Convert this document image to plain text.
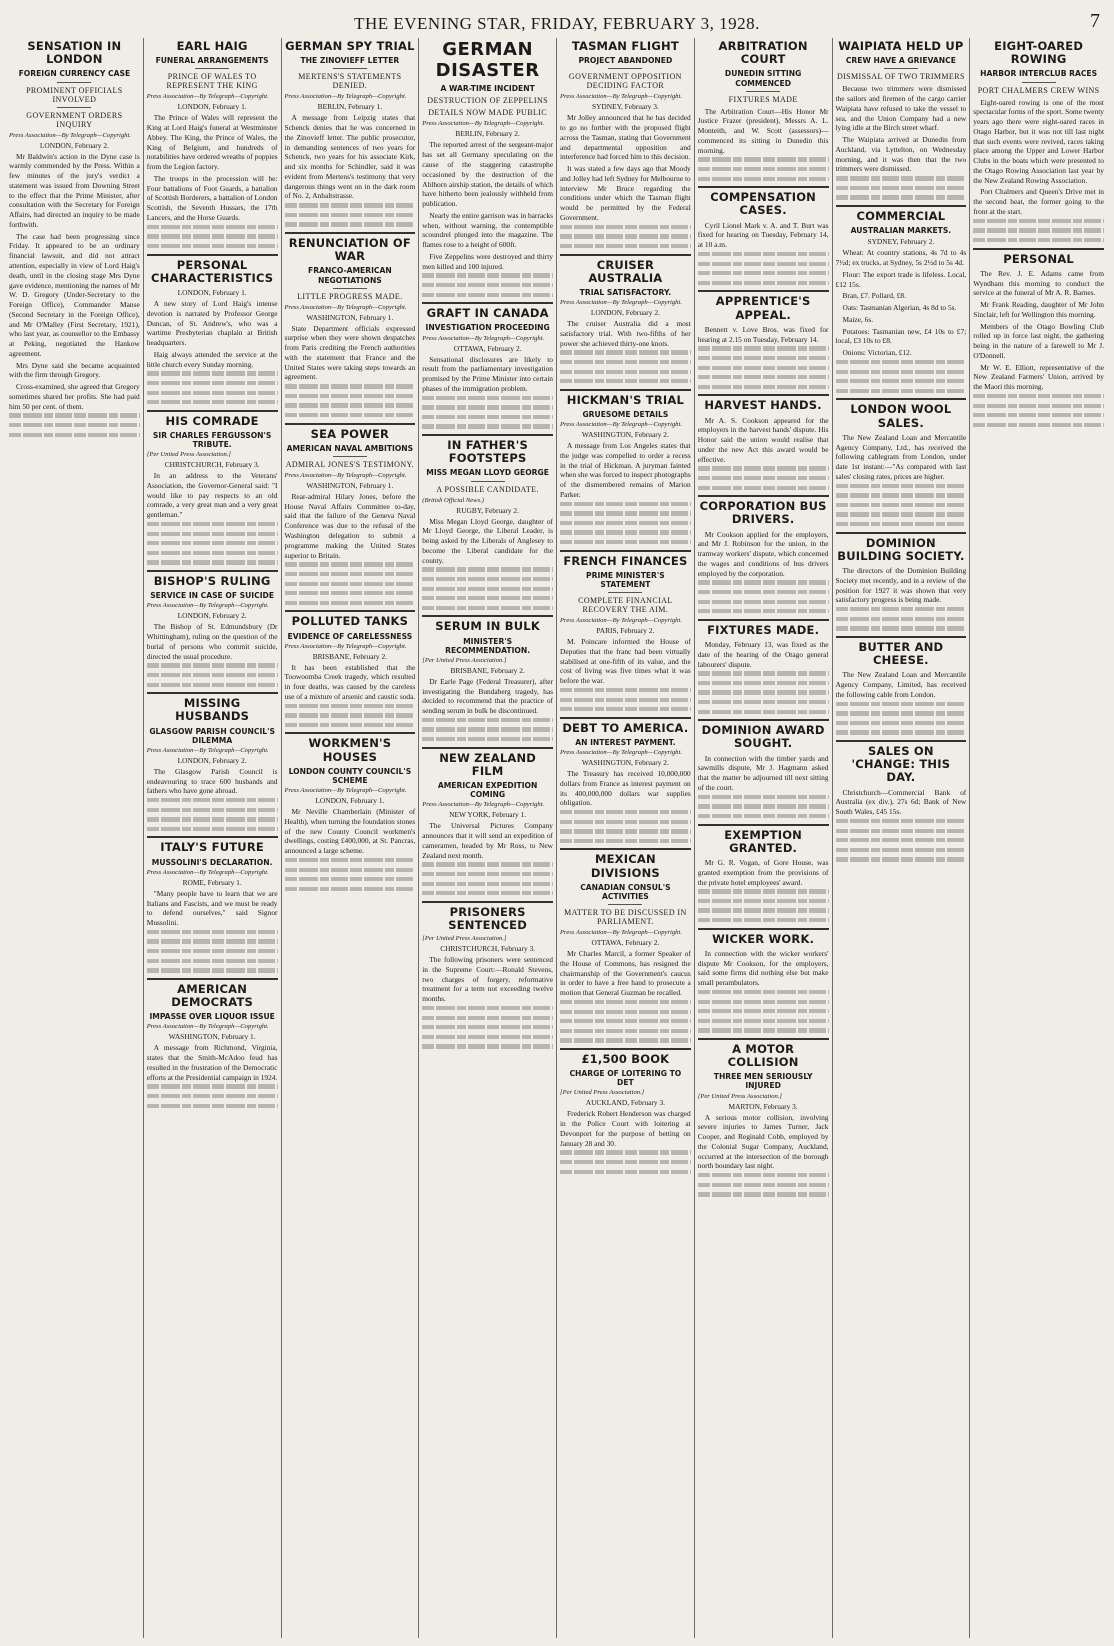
THE EVENING STAR, FRIDAY, FEBRUARY 3, 1928.	7
SENSATION IN LONDON
FOREIGN CURRENCY CASE
PROMINENT OFFICIALS INVOLVED
GOVERNMENT ORDERS INQUIRY
Press Association—By Telegraph—Copyright.
LONDON, February 2.

Mr Baldwin's action in the Dyne case is warmly commended by the Press. Within a few minutes of the jury's verdict a statement was issued from Downing Street to the effect that the Prime Minister, after consultation with the Secretary for Foreign Affairs, had directed an inquiry to be made forthwith.

The case had been progressing since Friday. It appeared to be an ordinary financial lawsuit, and did not attract attention, especially in view of Lord Haig's death, until in the closing stage Mrs Dyne gave evidence, mentioning the names of Mr W. D. Gregory (Under-Secretary to the Foreign Office), Commander Manse (Second Secretary in the Foreign Office), and Mr O'Malley (First Secretary, 1921), who last year, as counsellor to the Embassy at Peking, negotiated the Hankow agreement.

Mrs Dyne said she became acquainted with the firm through Gregory.

Cross-examined, she agreed that Gregory sometimes shared her profits. She had paid him 50 per cent. of them.

EARL HAIG
FUNERAL ARRANGEMENTS
PRINCE OF WALES TO REPRESENT THE KING
Press Association—By Telegraph—Copyright.
LONDON, February 1.

The Prince of Wales will represent the King at Lord Haig's funeral at Westminster Abbey. The King, the Prince of Wales, the King of Belgium, and hundreds of notabilities have ordered wreaths of poppies from the Legion factory.

The troops in the procession will be: Four battalions of Foot Guards, a battalion of Scottish Borderers, a battalion of London Scottish, the Seventh Hussars, the 17th Lancers, and the Horse Guards.

PERSONAL CHARACTERISTICS
LONDON, February 1.

A new story of Lord Haig's intense devotion is narrated by Professor George Duncan, of St. Andrew's, who was a wartime Presbyterian chaplain at British headquarters.

Haig always attended the service at the little church every Sunday morning.

HIS COMRADE
SIR CHARLES FERGUSSON'S TRIBUTE.
[Per United Press Association.]
CHRISTCHURCH, February 3.

In an address to the Veterans' Association, the Governor-General said: "I would like to pay respects to an old comrade, a very great man and a very great gentleman."

BISHOP'S RULING
SERVICE IN CASE OF SUICIDE
Press Association—By Telegraph—Copyright.
LONDON, February 2.

The Bishop of St. Edmundsbury (Dr Whittingham), ruling on the question of the burial of persons who commit suicide, directed the usual procedure.

MISSING HUSBANDS
GLASGOW PARISH COUNCIL'S DILEMMA
Press Association—By Telegraph—Copyright.
LONDON, February 2.

The Glasgow Parish Council is endeavouring to trace 600 husbands and fathers who have gone abroad.

ITALY'S FUTURE
MUSSOLINI'S DECLARATION.
Press Association—By Telegraph—Copyright.
ROME, February 1.

"Many people have to learn that we are Italians and Fascists, and we must be ready to defend ourselves," said Signor Mussolini.

AMERICAN DEMOCRATS
IMPASSE OVER LIQUOR ISSUE
Press Association—By Telegraph—Copyright.
WASHINGTON, February 1.

A message from Richmond, Virginia, states that the Smith-McAdoo feud has resulted in the frustration of the Democratic efforts at the Presidential campaign in 1924.

GERMAN SPY TRIAL
THE ZINOVIEFF LETTER
MERTENS'S STATEMENTS DENIED.
Press Association—By Telegraph—Copyright.
BERLIN, February 1.

A message from Leipzig states that Schenck denies that he was concerned in the Zinovieff letter. The public prosecutor, in demanding sentences of two years for Schenck, two years for his associate Kirk, and six months for Schindler, said it was evident from Mertens's testimony that very dangerous things went on in the dark room of No. 2, Anhaltstrasse.

RENUNCIATION OF WAR
FRANCO-AMERICAN NEGOTIATIONS
LITTLE PROGRESS MADE.
Press Association—By Telegraph—Copyright.
WASHINGTON, February 1.

State Department officials expressed surprise when they were shown despatches from Paris crediting the French authorities with the statement that France and the United States were taking steps towards an agreement.

SEA POWER
AMERICAN NAVAL AMBITIONS
ADMIRAL JONES'S TESTIMONY.
Press Association—By Telegraph—Copyright.
WASHINGTON, February 1.

Rear-admiral Hilary Jones, before the House Naval Affairs Committee to-day, said that the failure of the Geneva Naval Conference was due to the refusal of the Washington delegation to submit a programme making the United States superior to Britain.

POLLUTED TANKS
EVIDENCE OF CARELESSNESS
Press Association—By Telegraph—Copyright.
BRISBANE, February 2.

It has been established that the Toowoomba Creek tragedy, which resulted in four deaths, was caused by the careless use of a mixture of arsenic and caustic soda.

WORKMEN'S HOUSES
LONDON COUNTY COUNCIL'S SCHEME
Press Association—By Telegraph—Copyright.
LONDON, February 1.

Mr Neville Chamberlain (Minister of Health), when turning the foundation stones of the new County Council workmen's dwellings, costing £400,000, at St. Pancras, announced a large scheme.

GERMAN DISASTER
A WAR-TIME INCIDENT
DESTRUCTION OF ZEPPELINS
DETAILS NOW MADE PUBLIC
Press Association—By Telegraph—Copyright.
BERLIN, February 2.

The reported arrest of the sergeant-major has set all Germany speculating on the cause of the staggering catastrophe occasioned by the destruction of the Ahlhorn airship station, the details of which have hitherto been jealously withheld from publication.

Nearly the entire garrison was in barracks when, without warning, the contemptible scoundrel plunged into the magazine. The flames rose to a height of 600ft.

Five Zeppelins were destroyed and thirty men killed and 100 injured.

GRAFT IN CANADA
INVESTIGATION PROCEEDING
Press Association—By Telegraph—Copyright.
OTTAWA, February 2.

Sensational disclosures are likely to result from the parliamentary investigation promised by the Prime Minister into certain phases of the immigration problem.

IN FATHER'S FOOTSTEPS
MISS MEGAN LLOYD GEORGE
A POSSIBLE CANDIDATE.
(British Official News.)
RUGBY, February 2.

Miss Megan Lloyd George, daughter of Mr Lloyd George, the Liberal Leader, is being asked by the Liberals of Anglesey to become the Liberal candidate for the county.

SERUM IN BULK
MINISTER'S RECOMMENDATION.
[Per United Press Association.]
BRISBANE, February 2.

Dr Earle Page (Federal Treasurer), after investigating the Bundaberg tragedy, has decided to recommend that the practice of sending serum in bulk be discontinued.

NEW ZEALAND FILM
AMERICAN EXPEDITION COMING
Press Association—By Telegraph—Copyright.
NEW YORK, February 1.

The Universal Pictures Company announces that it will send an expedition of cameramen, headed by Mr Ross, to New Zealand next month.

PRISONERS SENTENCED
[Per United Press Association.]
CHRISTCHURCH, February 3.

The following prisoners were sentenced in the Supreme Court:—Ronald Stevens, two charges of forgery, reformative treatment for a term not exceeding twelve months.

TASMAN FLIGHT
PROJECT ABANDONED
GOVERNMENT OPPOSITION DECIDING FACTOR
Press Association—By Telegraph—Copyright.
SYDNEY, February 3.

Mr Jolley announced that he has decided to go no further with the proposed flight across the Tasman, stating that Government and departmental opposition and interference had forced him to this decision.

It was stated a few days ago that Moody and Jolley had left Sydney for Melbourne to interview Mr Bruce regarding the conditions under which the Tasman flight would be permitted by the Federal Government.

CRUISER AUSTRALIA
TRIAL SATISFACTORY.
Press Association—By Telegraph—Copyright.
LONDON, February 2.

The cruiser Australia did a most satisfactory trial. With two-fifths of her power she achieved thirty-one knots.

HICKMAN'S TRIAL
GRUESOME DETAILS
Press Association—By Telegraph—Copyright.
WASHINGTON, February 2.

A message from Los Angeles states that the judge was compelled to order a recess in the trial of Hickman. A juryman fainted when she was forced to inspect photographs of the dismembered remains of Marion Parker.

FRENCH FINANCES
PRIME MINISTER'S STATEMENT
COMPLETE FINANCIAL RECOVERY THE AIM.
Press Association—By Telegraph—Copyright.
PARIS, February 2.

M. Poincare informed the House of Deputies that the franc had been virtually stabilised at one-fifth of its value, and the cost of living was five times what it was before the war.

DEBT TO AMERICA.
AN INTEREST PAYMENT.
Press Association—By Telegraph—Copyright.
WASHINGTON, February 2.

The Treasury has received 10,000,000 dollars from France as interest payment on its 400,000,000 dollars war supplies obligation.

MEXICAN DIVISIONS
CANADIAN CONSUL'S ACTIVITIES
MATTER TO BE DISCUSSED IN PARLIAMENT.
Press Association—By Telegraph—Copyright.
OTTAWA, February 2.

Mr Charles Marcil, a former Speaker of the House of Commons, has resigned the chairmanship of the Government's caucus in order to have a free hand to prosecute a motion that General Guzman be recalled.

£1,500 BOOK
CHARGE OF LOITERING TO DET
[Per United Press Association.]
AUCKLAND, February 3.

Frederick Robert Henderson was charged in the Police Court with loitering at Devonport for the purpose of betting on January 28 and 30.

ARBITRATION COURT
DUNEDIN SITTING COMMENCED
FIXTURES MADE

The Arbitration Court—His Honor Mr Justice Frazer (president), Messrs A. L. Monteith, and W. Scott (assessors)—commenced its sitting in Dunedin this morning.

COMPENSATION CASES.

Cyril Lionel Mark v. A. and T. Burt was fixed for hearing on Tuesday, February 14, at 10 a.m.

APPRENTICE'S APPEAL.

Bennett v. Love Bros. was fixed for hearing at 2.15 on Tuesday, February 14.

HARVEST HANDS.

Mr A. S. Cookson appeared for the employers in the harvest hands' dispute. His Honor said the union would realise that under the new Act this award would be effective.

CORPORATION BUS DRIVERS.

Mr Cookson applied for the employers, and Mr J. Robinson for the union, in the tramway workers' dispute, which concerned the wages and conditions of bus drivers employed by the corporation.

FIXTURES MADE.

Monday, February 13, was fixed as the date of the hearing of the Otago general labourers' dispute.

DOMINION AWARD SOUGHT.

In connection with the timber yards and sawmills dispute, Mr J. Hagmann asked that the matter be adjourned till next sitting of the court.

EXEMPTION GRANTED.

Mr G. R. Vogan, of Gore House, was granted exemption from the provisions of the private hotel employees' award.

WICKER WORK.

In connection with the wicker workers' dispute Mr Cookson, for the employers, said some firms did nothing else but make small perambulators.

A MOTOR COLLISION
THREE MEN SERIOUSLY INJURED
[Per United Press Association.]
MARTON, February 3.

A serious motor collision, involving severe injuries to James Turner, Jack Cooper, and Reginald Cobb, employed by the Colonial Sugar Company, Auckland, occurred at the intersection of the borough north boundary last night.

WAIPIATA HELD UP
CREW HAVE A GRIEVANCE
DISMISSAL OF TWO TRIMMERS

Because two trimmers were dismissed the sailors and firemen of the cargo carrier Waipiata have refused to take the vessel to sea, and the Union Company had a new lying idle at the Birch street wharf.

The Waipiata arrived at Dunedin from Auckland, via Lyttelton, on Wednesday morning, and it was then that the two trimmers were dismissed.

COMMERCIAL
AUSTRALIAN MARKETS.
SYDNEY, February 2.

Wheat: At country stations, 4s 7d to 4s 7½d; ex trucks, at Sydney, 5s 2½d to 5s 4d.

Flour: The export trade is lifeless. Local, £12 15s.

Bran, £7. Pollard, £8.

Oats: Tasmanian Algerian, 4s 8d to 5s.

Maize, 6s.

Potatoes: Tasmanian new, £4 10s to £7; local, £3 10s to £8.

Onions: Victorian, £12.

LONDON WOOL SALES.

The New Zealand Loan and Mercantile Agency Company, Ltd., has received the following cablegram from London, under date 1st instant:—"As compared with last sales' closing rates, prices are higher.

DOMINION BUILDING SOCIETY.

The directors of the Dominion Building Society met recently, and in a review of the position for 1927 it was shown that very satisfactory progress is being made.

BUTTER AND CHEESE.

The New Zealand Loan and Mercantile Agency Company, Limited, has received the following cable from London.

SALES ON 'CHANGE: THIS DAY.

Christchurch—Commercial Bank of Australia (ex div.), 27s 6d; Bank of New South Wales, £45 15s.

EIGHT-OARED ROWING
HARBOR INTERCLUB RACES
PORT CHALMERS CREW WINS

Eight-oared rowing is one of the most spectacular forms of the sport. Some twenty years ago there were eight-oared races in Otago Harbor, but it was not till last night that such events were revived, races taking place among the Upper and Lower Harbor Clubs in the boats which were presented to the Otago Rowing Association last year by the New Zealand Rowing Association.

Port Chalmers and Queen's Drive met in the second heat, the former going to the front at the start.

PERSONAL

The Rev. J. E. Adams came from Wyndham this morning to conduct the service at the funeral of Mr A. R. Barnes.

Mr Frank Reading, daughter of Mr John Sinclair, left for Wellington this morning.

Members of the Otago Bowling Club rolled up in force last night, the gathering being in the nature of a farewell to Mr J. O'Donnell.

Mr W. E. Elliott, representative of the New Zealand Farmers' Union, arrived by the Maori this morning.
